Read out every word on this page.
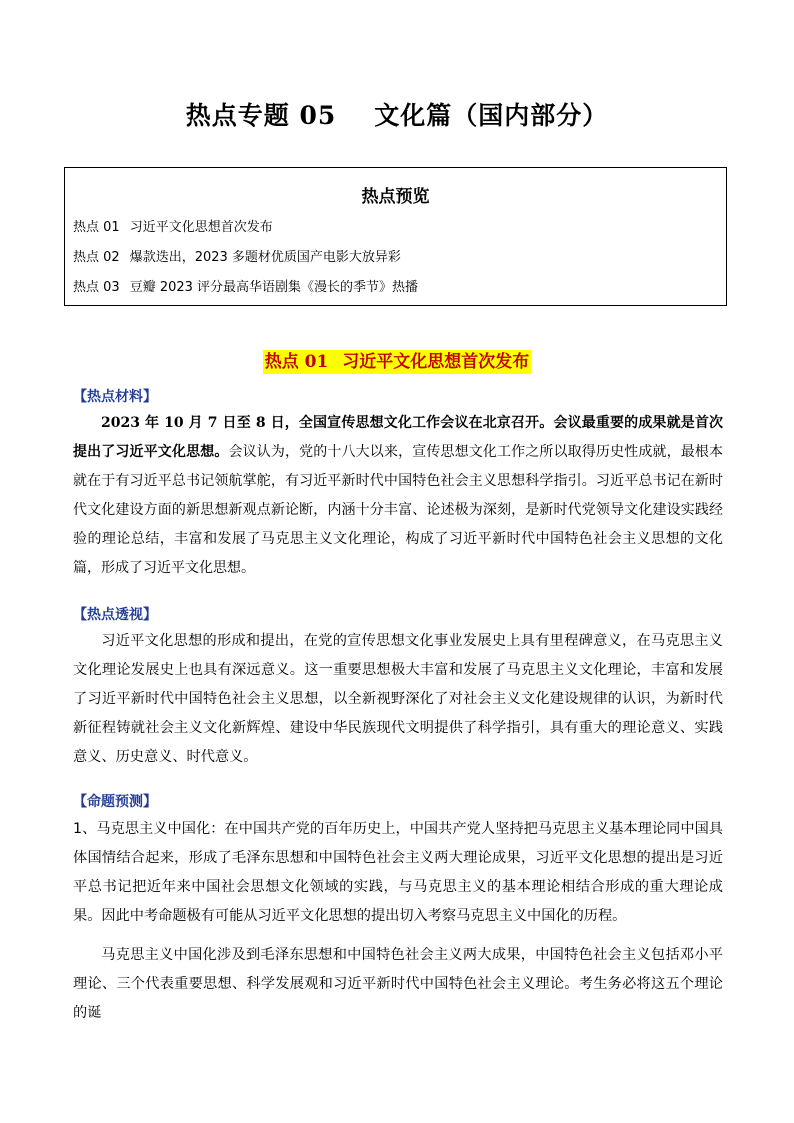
热点专题 05 文化篇（国内部分）
热点预览
热点 01 习近平文化思想首次发布
热点 02 爆款迭出，2023 多题材优质国产电影大放异彩
热点 03 豆瓣 2023 评分最高华语剧集《漫长的季节》热播
热点 01 习近平文化思想首次发布
【热点材料】
2023 年 10 月 7 日至 8 日，全国宣传思想文化工作会议在北京召开。会议最重要的成果就是首次提出了习近平文化思想。会议认为，党的十八大以来，宣传思想文化工作之所以取得历史性成就，最根本就在于有习近平总书记领航掌舵，有习近平新时代中国特色社会主义思想科学指引。习近平总书记在新时代文化建设方面的新思想新观点新论断，内涵十分丰富、论述极为深刻，是新时代党领导文化建设实践经验的理论总结，丰富和发展了马克思主义文化理论，构成了习近平新时代中国特色社会主义思想的文化篇，形成了习近平文化思想。
【热点透视】
习近平文化思想的形成和提出，在党的宣传思想文化事业发展史上具有里程碑意义，在马克思主义文化理论发展史上也具有深远意义。这一重要思想极大丰富和发展了马克思主义文化理论，丰富和发展了习近平新时代中国特色社会主义思想，以全新视野深化了对社会主义文化建设规律的认识，为新时代新征程铸就社会主义文化新辉煌、建设中华民族现代文明提供了科学指引，具有重大的理论意义、实践意义、历史意义、时代意义。
【命题预测】
1、马克思主义中国化：在中国共产党的百年历史上，中国共产党人坚持把马克思主义基本理论同中国具体国情结合起来，形成了毛泽东思想和中国特色社会主义两大理论成果，习近平文化思想的提出是习近平总书记把近年来中国社会思想文化领域的实践，与马克思主义的基本理论相结合形成的重大理论成果。因此中考命题极有可能从习近平文化思想的提出切入考察马克思主义中国化的历程。
马克思主义中国化涉及到毛泽东思想和中国特色社会主义两大成果，中国特色社会主义包括邓小平理论、三个代表重要思想、科学发展观和习近平新时代中国特色社会主义理论。考生务必将这五个理论的诞
